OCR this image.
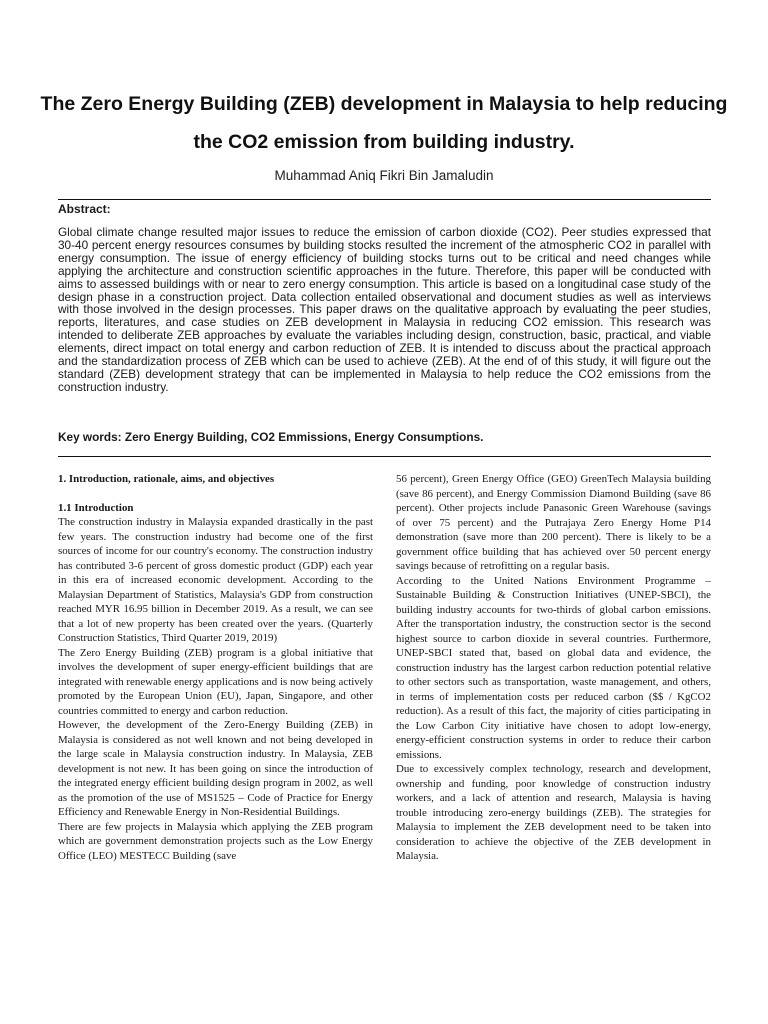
The Zero Energy Building (ZEB) development in Malaysia to help reducing the CO2 emission from building industry.
Muhammad Aniq Fikri Bin Jamaludin
Abstract:
Global climate change resulted major issues to reduce the emission of carbon dioxide (CO2). Peer studies expressed that 30-40 percent energy resources consumes by building stocks resulted the increment of the atmospheric CO2 in parallel with energy consumption. The issue of energy efficiency of building stocks turns out to be critical and need changes while applying the architecture and construction scientific approaches in the future. Therefore, this paper will be conducted with aims to assessed buildings with or near to zero energy consumption. This article is based on a longitudinal case study of the design phase in a construction project. Data collection entailed observational and document studies as well as interviews with those involved in the design processes. This paper draws on the qualitative approach by evaluating the peer studies, reports, literatures, and case studies on ZEB development in Malaysia in reducing CO2 emission. This research was intended to deliberate ZEB approaches by evaluate the variables including design, construction, basic, practical, and viable elements, direct impact on total energy and carbon reduction of ZEB. It is intended to discuss about the practical approach and the standardization process of ZEB which can be used to achieve (ZEB). At the end of of this study, it will figure out the standard (ZEB) development strategy that can be implemented in Malaysia to help reduce the CO2 emissions from the construction industry.
Key words: Zero Energy Building, CO2 Emmissions, Energy Consumptions.

1. Introduction, rationale, aims, and objectives

1.1 Introduction

The construction industry in Malaysia expanded drastically in the past few years. The construction industry had become one of the first sources of income for our country's economy. The construction industry has contributed 3-6 percent of gross domestic product (GDP) each year in this era of increased economic development. According to the Malaysian Department of Statistics, Malaysia's GDP from construction reached MYR 16.95 billion in December 2019. As a result, we can see that a lot of new property has been created over the years. (Quarterly Construction Statistics, Third Quarter 2019, 2019)

The Zero Energy Building (ZEB) program is a global initiative that involves the development of super energy-efficient buildings that are integrated with renewable energy applications and is now being actively promoted by the European Union (EU), Japan, Singapore, and other countries committed to energy and carbon reduction.

However, the development of the Zero-Energy Building (ZEB) in Malaysia is considered as not well known and not being developed in the large scale in Malaysia construction industry. In Malaysia, ZEB development is not new. It has been going on since the introduction of the integrated energy efficient building design program in 2002, as well as the promotion of the use of MS1525 – Code of Practice for Energy Efficiency and Renewable Energy in Non-Residential Buildings.

There are few projects in Malaysia which applying the ZEB program which are government demonstration projects such as the Low Energy Office (LEO) MESTECC Building (save

56 percent), Green Energy Office (GEO) GreenTech Malaysia building (save 86 percent), and Energy Commission Diamond Building (save 86 percent). Other projects include Panasonic Green Warehouse (savings of over 75 percent) and the Putrajaya Zero Energy Home P14 demonstration (save more than 200 percent). There is likely to be a government office building that has achieved over 50 percent energy savings because of retrofitting on a regular basis.

According to the United Nations Environment Programme – Sustainable Building & Construction Initiatives (UNEP-SBCI), the building industry accounts for two-thirds of global carbon emissions. After the transportation industry, the construction sector is the second highest source to carbon dioxide in several countries. Furthermore, UNEP-SBCI stated that, based on global data and evidence, the construction industry has the largest carbon reduction potential relative to other sectors such as transportation, waste management, and others, in terms of implementation costs per reduced carbon ($$ / KgCO2 reduction). As a result of this fact, the majority of cities participating in the Low Carbon City initiative have chosen to adopt low-energy, energy-efficient construction systems in order to reduce their carbon emissions.

Due to excessively complex technology, research and development, ownership and funding, poor knowledge of construction industry workers, and a lack of attention and research, Malaysia is having trouble introducing zero-energy buildings (ZEB). The strategies for Malaysia to implement the ZEB development need to be taken into consideration to achieve the objective of the ZEB development in Malaysia.
